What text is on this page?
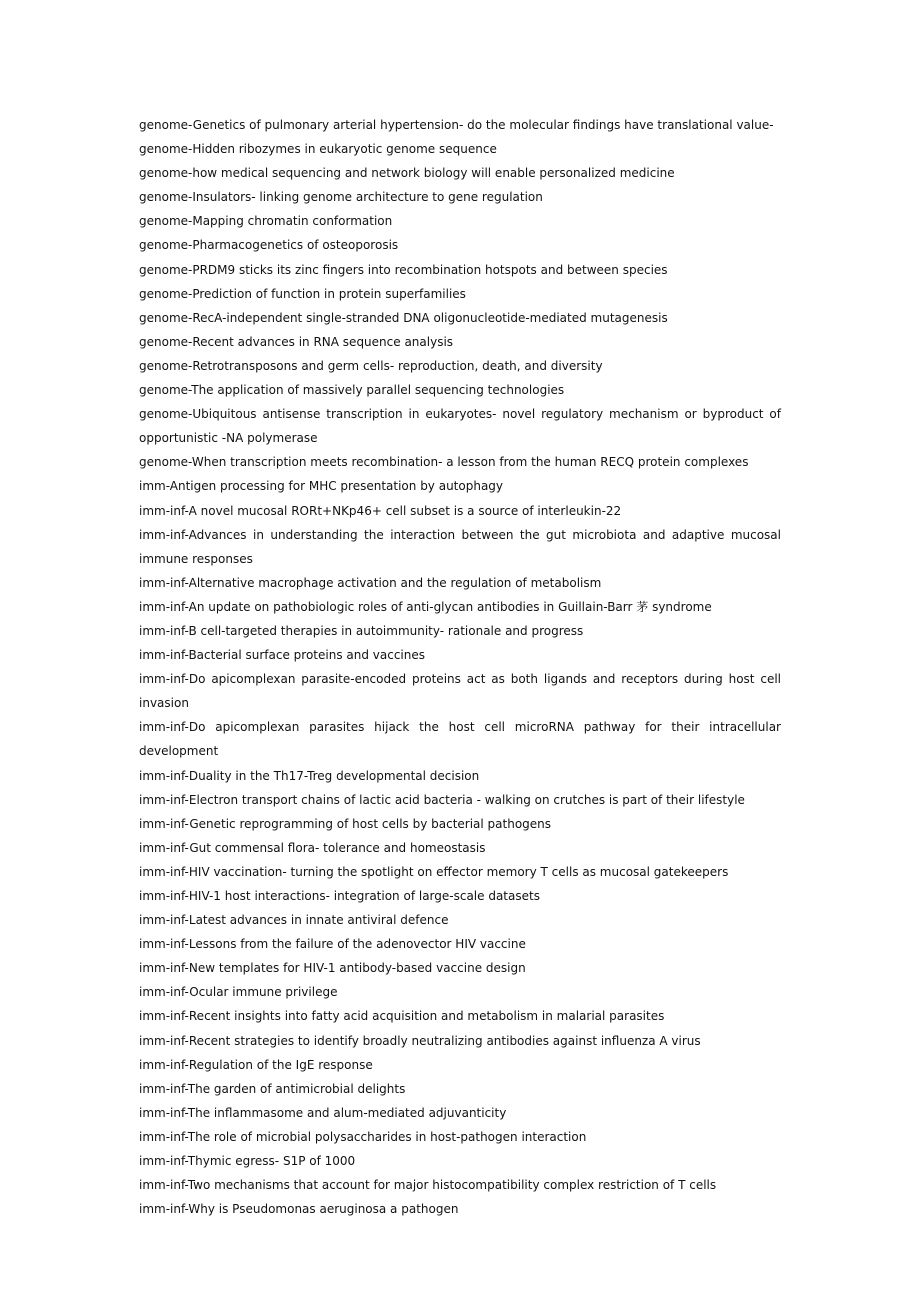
genome-Genetics of pulmonary arterial hypertension- do the molecular findings have translational value-
genome-Hidden ribozymes in eukaryotic genome sequence
genome-how medical sequencing and network biology will enable personalized medicine
genome-Insulators- linking genome architecture to gene regulation
genome-Mapping chromatin conformation
genome-Pharmacogenetics of osteoporosis
genome-PRDM9 sticks its zinc fingers into recombination hotspots and between species
genome-Prediction of function in protein superfamilies
genome-RecA-independent single-stranded DNA oligonucleotide-mediated mutagenesis
genome-Recent advances in RNA sequence analysis
genome-Retrotransposons and germ cells- reproduction, death, and diversity
genome-The application of massively parallel sequencing technologies
genome-Ubiquitous antisense transcription in eukaryotes- novel regulatory mechanism or byproduct of opportunistic -NA polymerase
genome-When transcription meets recombination- a lesson from the human RECQ protein complexes
imm-Antigen processing for MHC presentation by autophagy
imm-inf-A novel mucosal RORt+NKp46+ cell subset is a source of interleukin-22
imm-inf-Advances in understanding the interaction between the gut microbiota and adaptive mucosal immune responses
imm-inf-Alternative macrophage activation and the regulation of metabolism
imm-inf-An update on pathobiologic roles of anti-glycan antibodies in Guillain-Barr 茅 syndrome
imm-inf-B cell-targeted therapies in autoimmunity- rationale and progress
imm-inf-Bacterial surface proteins and vaccines
imm-inf-Do apicomplexan parasite-encoded proteins act as both ligands and receptors during host cell invasion
imm-inf-Do apicomplexan parasites hijack the host cell microRNA pathway for their intracellular development
imm-inf-Duality in the Th17-Treg developmental decision
imm-inf-Electron transport chains of lactic acid bacteria - walking on crutches is part of their lifestyle
imm-inf-Genetic reprogramming of host cells by bacterial pathogens
imm-inf-Gut commensal flora- tolerance and homeostasis
imm-inf-HIV vaccination- turning the spotlight on effector memory T cells as mucosal gatekeepers
imm-inf-HIV-1 host interactions- integration of large-scale datasets
imm-inf-Latest advances in innate antiviral defence
imm-inf-Lessons from the failure of the adenovector HIV vaccine
imm-inf-New templates for HIV-1 antibody-based vaccine design
imm-inf-Ocular immune privilege
imm-inf-Recent insights into fatty acid acquisition and metabolism in malarial parasites
imm-inf-Recent strategies to identify broadly neutralizing antibodies against influenza A virus
imm-inf-Regulation of the IgE response
imm-inf-The garden of antimicrobial delights
imm-inf-The inflammasome and alum-mediated adjuvanticity
imm-inf-The role of microbial polysaccharides in host-pathogen interaction
imm-inf-Thymic egress- S1P of 1000
imm-inf-Two mechanisms that account for major histocompatibility complex restriction of T cells
imm-inf-Why is Pseudomonas aeruginosa a pathogen
